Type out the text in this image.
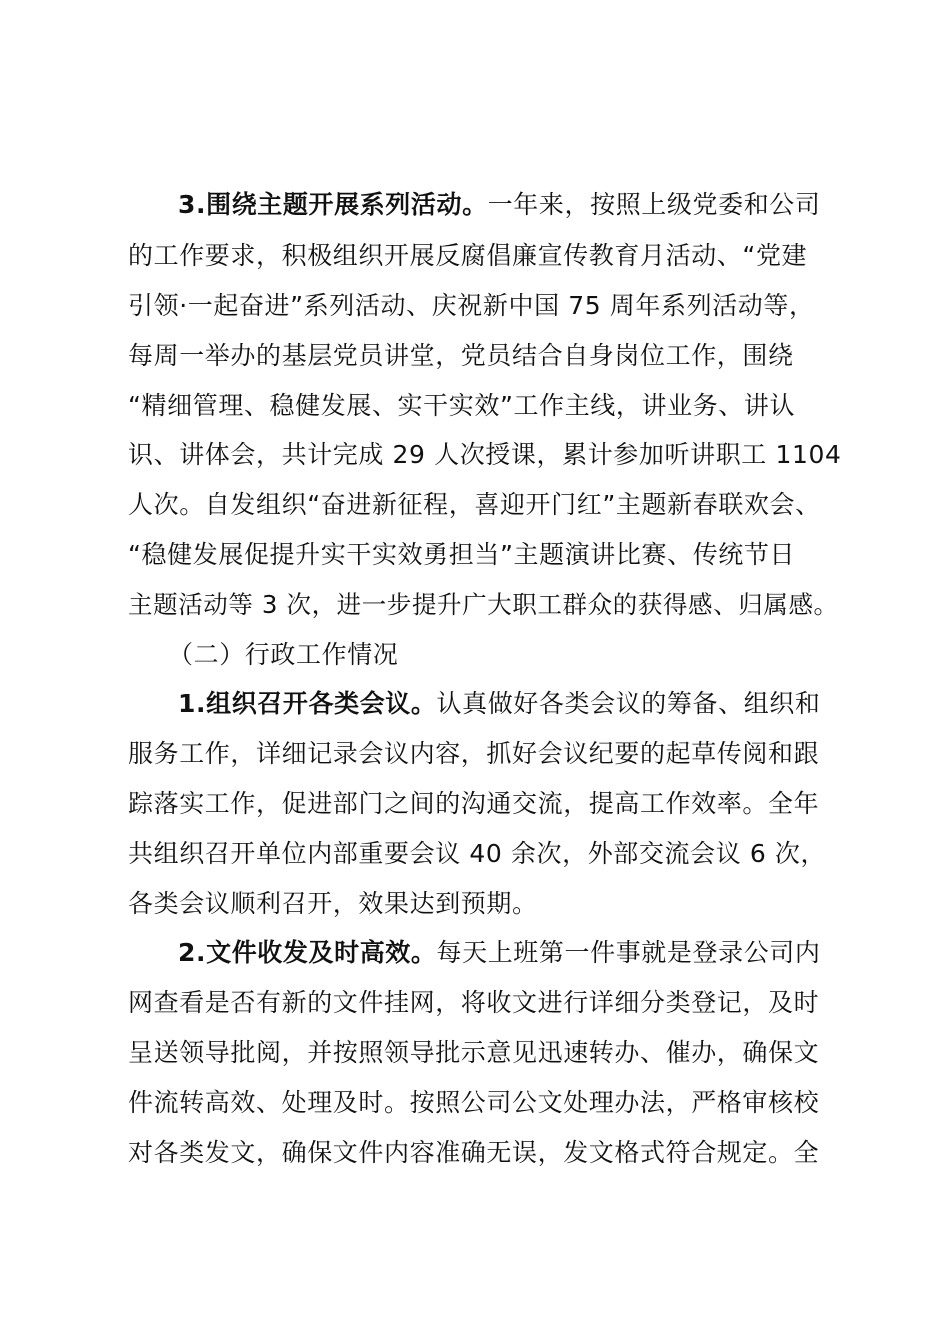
3.围绕主题开展系列活动。一年来，按照上级党委和公司
的工作要求，积极组织开展反腐倡廉宣传教育月活动、“党建
引领·一起奋进”系列活动、庆祝新中国 75 周年系列活动等，
每周一举办的基层党员讲堂，党员结合自身岗位工作，围绕
“精细管理、稳健发展、实干实效”工作主线，讲业务、讲认
识、讲体会，共计完成 29 人次授课，累计参加听讲职工 1104
人次。自发组织“奋进新征程，喜迎开门红”主题新春联欢会、
“稳健发展促提升实干实效勇担当”主题演讲比赛、传统节日
主题活动等 3 次，进一步提升广大职工群众的获得感、归属感。
（二）行政工作情况
1.组织召开各类会议。认真做好各类会议的筹备、组织和
服务工作，详细记录会议内容，抓好会议纪要的起草传阅和跟
踪落实工作，促进部门之间的沟通交流，提高工作效率。全年
共组织召开单位内部重要会议 40 余次，外部交流会议 6 次，
各类会议顺利召开，效果达到预期。
2.文件收发及时高效。每天上班第一件事就是登录公司内
网查看是否有新的文件挂网，将收文进行详细分类登记，及时
呈送领导批阅，并按照领导批示意见迅速转办、催办，确保文
件流转高效、处理及时。按照公司公文处理办法，严格审核校
对各类发文，确保文件内容准确无误，发文格式符合规定。全
